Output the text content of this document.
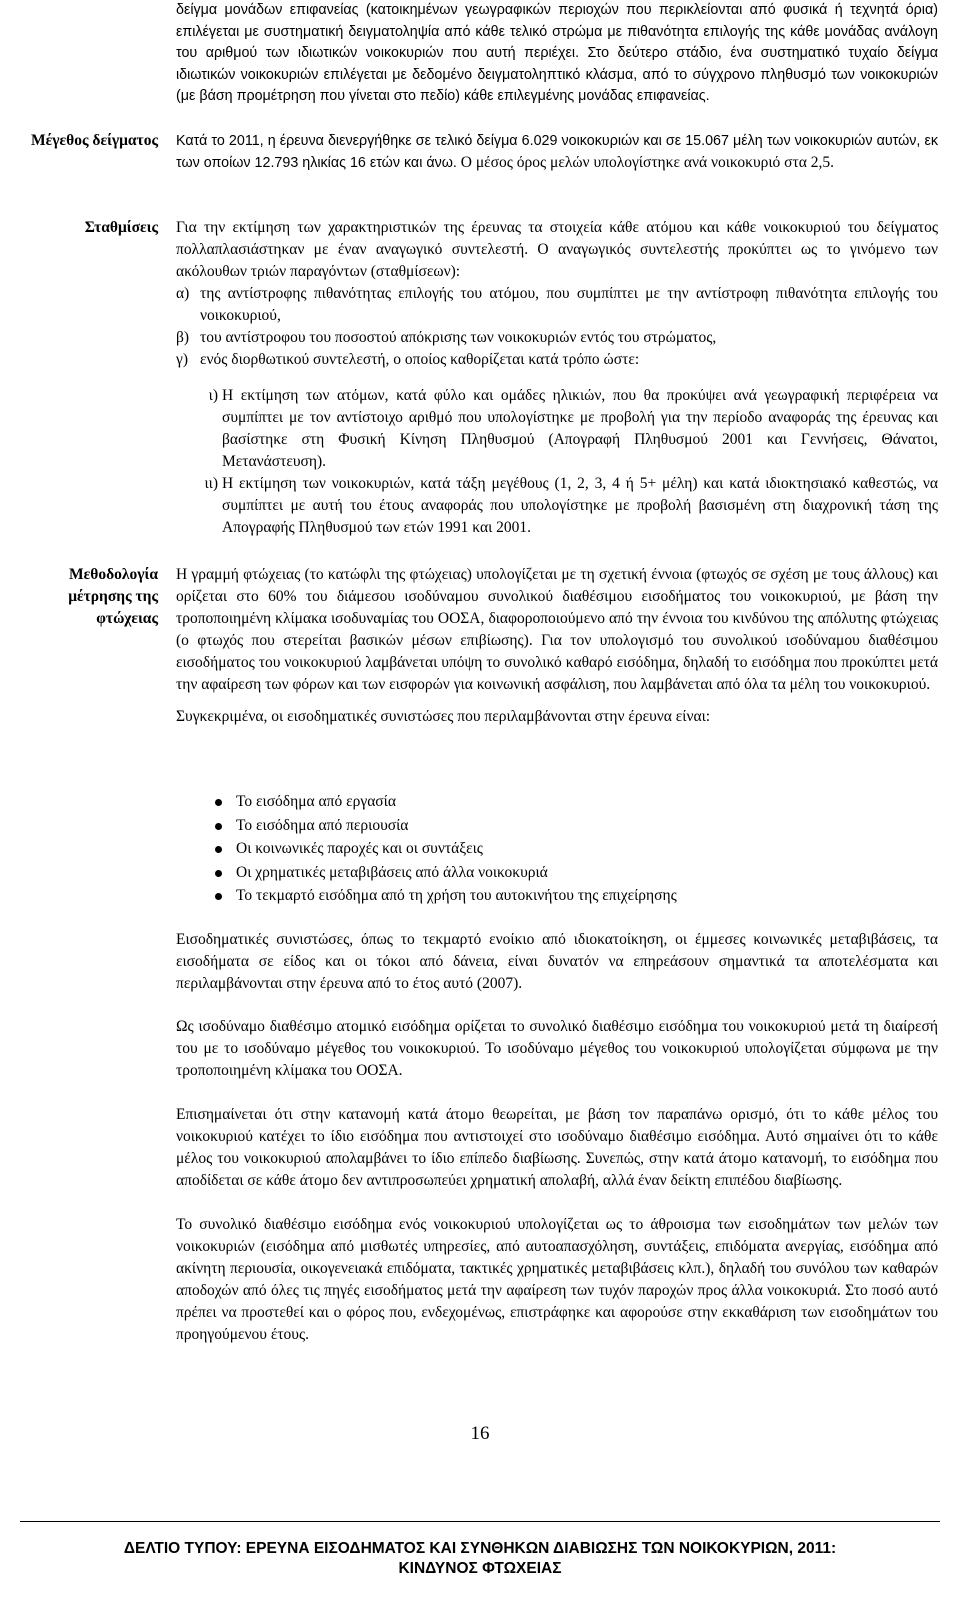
δείγμα μονάδων επιφανείας (κατοικημένων γεωγραφικών περιοχών που περικλείονται από φυσικά ή τεχνητά όρια) επιλέγεται με συστηματική δειγματοληψία από κάθε τελικό στρώμα με πιθανότητα επιλογής της κάθε μονάδας ανάλογη του αριθμού των ιδιωτικών νοικοκυριών που αυτή περιέχει. Στο δεύτερο στάδιο, ένα συστηματικό τυχαίο δείγμα ιδιωτικών νοικοκυριών επιλέγεται με δεδομένο δειγματοληπτικό κλάσμα, από το σύγχρονο πληθυσμό των νοικοκυριών (με βάση προμέτρηση που γίνεται στο πεδίο) κάθε επιλεγμένης μονάδας επιφανείας.

Μέγεθος δείγματος Κατά το 2011, η έρευνα διενεργήθηκε σε τελικό δείγμα 6.029 νοικοκυριών και σε 15.067 μέλη των νοικοκυριών αυτών, εκ των οποίων 12.793 ηλικίας 16 ετών και άνω. Ο μέσος όρος μελών υπολογίστηκε ανά νοικοκυριό στα 2,5.

Σταθμίσεις Για την εκτίμηση των χαρακτηριστικών της έρευνας τα στοιχεία κάθε ατόμου και κάθε νοικοκυριού του δείγματος πολλαπλασιάστηκαν με έναν αναγωγικό συντελεστή. Ο αναγωγικός συντελεστής προκύπτει ως το γινόμενο των ακόλουθων τριών παραγόντων (σταθμίσεων):

α) της αντίστροφης πιθανότητας επιλογής του ατόμου, που συμπίπτει με την αντίστροφη πιθανότητα επιλογής του νοικοκυριού,
β) του αντίστροφου του ποσοστού απόκρισης των νοικοκυριών εντός του στρώματος,
γ) ενός διορθωτικού συντελεστή, ο οποίος καθορίζεται κατά τρόπο ώστε:
ι) Η εκτίμηση των ατόμων, κατά φύλο και ομάδες ηλικιών, που θα προκύψει ανά γεωγραφική περιφέρεια να συμπίπτει με τον αντίστοιχο αριθμό που υπολογίστηκε με προβολή για την περίοδο αναφοράς της έρευνας και βασίστηκε στη Φυσική Κίνηση Πληθυσμού (Απογραφή Πληθυσμού 2001 και Γεννήσεις, Θάνατοι, Μετανάστευση).
ιι) Η εκτίμηση των νοικοκυριών, κατά τάξη μεγέθους (1, 2, 3, 4 ή 5+ μέλη) και κατά ιδιοκτησιακό καθεστώς, να συμπίπτει με αυτή του έτους αναφοράς που υπολογίστηκε με προβολή βασισμένη στη διαχρονική τάση της Απογραφής Πληθυσμού των ετών 1991 και 2001.
Μεθοδολογία
μέτρησης της
φτώχειας

Η γραμμή φτώχειας (το κατώφλι της φτώχειας) υπολογίζεται με τη σχετική έννοια (φτωχός σε σχέση με τους άλλους) και ορίζεται στο 60% του διάμεσου ισοδύναμου συνολικού διαθέσιμου εισοδήματος του νοικοκυριού, με βάση την τροποποιημένη κλίμακα ισοδυναμίας του ΟΟΣΑ, διαφοροποιούμενο από την έννοια του κινδύνου της απόλυτης φτώχειας (ο φτωχός που στερείται βασικών μέσων επιβίωσης). Για τον υπολογισμό του συνολικού ισοδύναμου διαθέσιμου εισοδήματος του νοικοκυριού λαμβάνεται υπόψη το συνολικό καθαρό εισόδημα, δηλαδή το εισόδημα που προκύπτει μετά την αφαίρεση των φόρων και των εισφορών για κοινωνική ασφάλιση, που λαμβάνεται από όλα τα μέλη του νοικοκυριού.

Συγκεκριμένα, οι εισοδηματικές συνιστώσες που περιλαμβάνονται στην έρευνα είναι:

Το εισόδημα από εργασία
Το εισόδημα από περιουσία
Οι κοινωνικές παροχές και οι συντάξεις
Οι χρηματικές μεταβιβάσεις από άλλα νοικοκυριά
Το τεκμαρτό εισόδημα από τη χρήση του αυτοκινήτου της επιχείρησης

Εισοδηματικές συνιστώσες, όπως το τεκμαρτό ενοίκιο από ιδιοκατοίκηση, οι έμμεσες κοινωνικές μεταβιβάσεις, τα εισοδήματα σε είδος και οι τόκοι από δάνεια, είναι δυνατόν να επηρεάσουν σημαντικά τα αποτελέσματα και περιλαμβάνονται στην έρευνα από το έτος αυτό (2007).

Ως ισοδύναμο διαθέσιμο ατομικό εισόδημα ορίζεται το συνολικό διαθέσιμο εισόδημα του νοικοκυριού μετά τη διαίρεσή του με το ισοδύναμο μέγεθος του νοικοκυριού. Το ισοδύναμο μέγεθος του νοικοκυριού υπολογίζεται σύμφωνα με την τροποποιημένη κλίμακα του ΟΟΣΑ.

Επισημαίνεται ότι στην κατανομή κατά άτομο θεωρείται, με βάση τον παραπάνω ορισμό, ότι το κάθε μέλος του νοικοκυριού κατέχει το ίδιο εισόδημα που αντιστοιχεί στο ισοδύναμο διαθέσιμο εισόδημα. Αυτό σημαίνει ότι το κάθε μέλος του νοικοκυριού απολαμβάνει το ίδιο επίπεδο διαβίωσης. Συνεπώς, στην κατά άτομο κατανομή, το εισόδημα που αποδίδεται σε κάθε άτομο δεν αντιπροσωπεύει χρηματική απολαβή, αλλά έναν δείκτη επιπέδου διαβίωσης.

Το συνολικό διαθέσιμο εισόδημα ενός νοικοκυριού υπολογίζεται ως το άθροισμα των εισοδημάτων των μελών των νοικοκυριών (εισόδημα από μισθωτές υπηρεσίες, από αυτοαπασχόληση, συντάξεις, επιδόματα ανεργίας, εισόδημα από ακίνητη περιουσία, οικογενειακά επιδόματα, τακτικές χρηματικές μεταβιβάσεις κλπ.), δηλαδή του συνόλου των καθαρών αποδοχών από όλες τις πηγές εισοδήματος μετά την αφαίρεση των τυχόν παροχών προς άλλα νοικοκυριά. Στο ποσό αυτό πρέπει να προστεθεί και ο φόρος που, ενδεχομένως, επιστράφηκε και αφορούσε στην εκκαθάριση των εισοδημάτων του προηγούμενου έτους.

16
ΔΕΛΤΙΟ ΤΥΠΟΥ: ΕΡΕΥΝΑ ΕΙΣΟΔΗΜΑΤΟΣ ΚΑΙ ΣΥΝΘΗΚΩΝ ΔΙΑΒΙΩΣΗΣ ΤΩΝ ΝΟΙΚΟΚΥΡΙΩΝ, 2011:
ΚΙΝΔΥΝΟΣ ΦΤΩΧΕΙΑΣ
